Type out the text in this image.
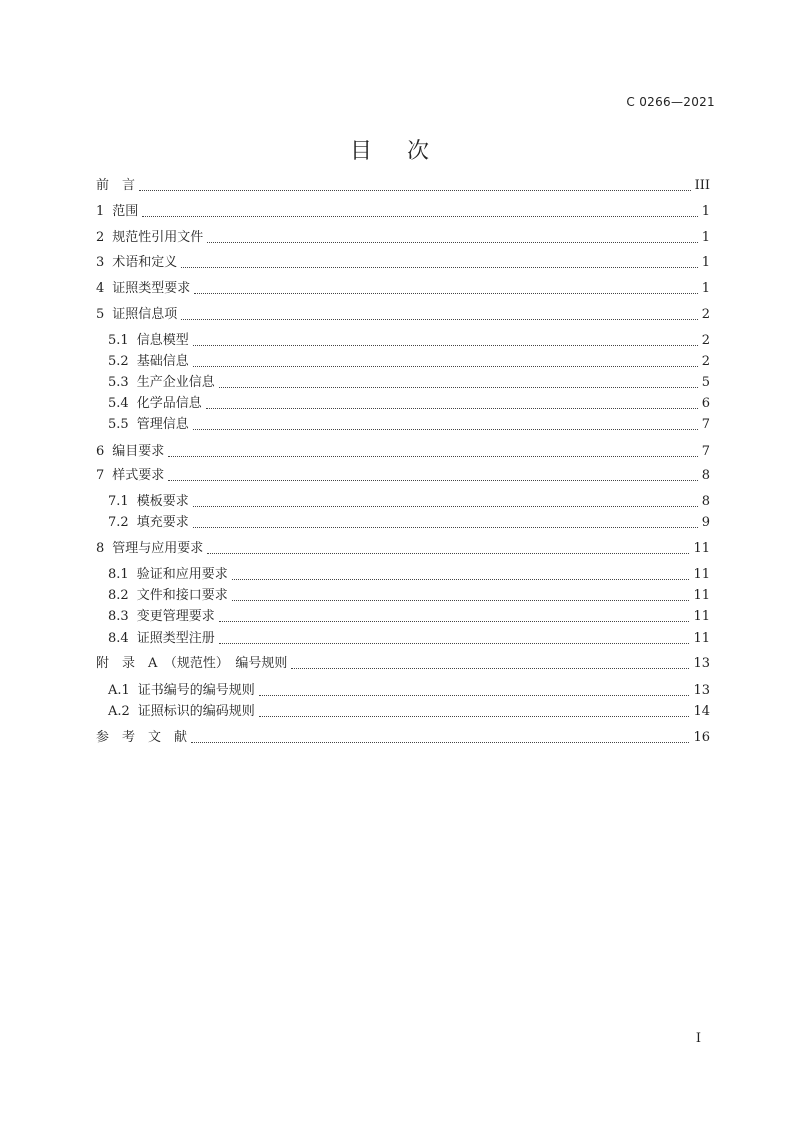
C 0266—2021
目 次
前　言	III
1 范围	1
2 规范性引用文件	1
3 术语和定义	1
4 证照类型要求	1
5 证照信息项	2
5.1 信息模型	2
5.2 基础信息	2
5.3 生产企业信息	5
5.4 化学品信息	6
5.5 管理信息	7
6 编目要求	7
7 样式要求	8
7.1 模板要求	8
7.2 填充要求	9
8 管理与应用要求	11
8.1 验证和应用要求	11
8.2 文件和接口要求	11
8.3 变更管理要求	11
8.4 证照类型注册	11
附　录　A　（规范性）　编号规则	13
A.1 证书编号的编号规则	13
A.2 证照标识的编码规则	14
参　考　文　献	16
I
